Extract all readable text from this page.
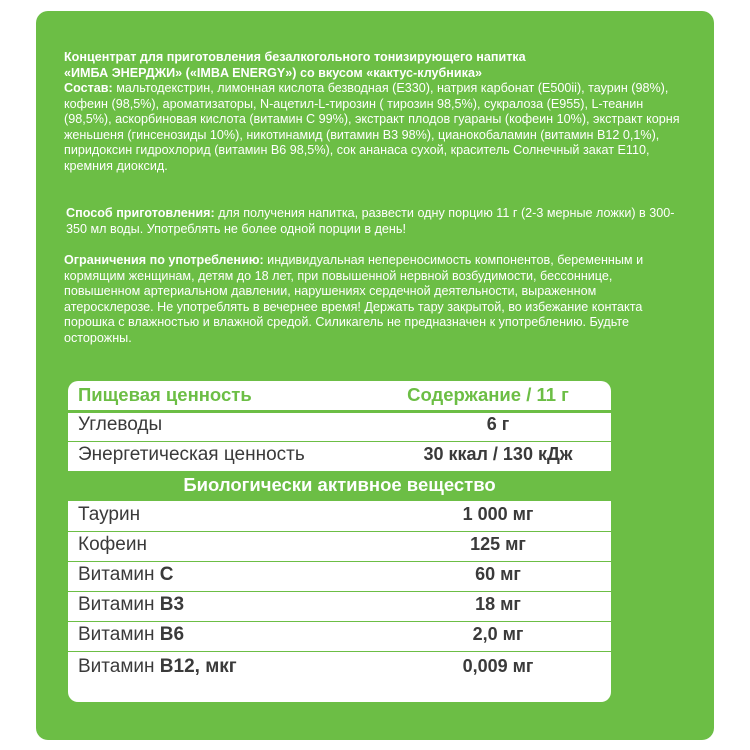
Концентрат для приготовления безалкогольного тонизирующего напитка
«ИМБА ЭНЕРДЖИ» («IMBA ENERGY») со вкусом «кактус-клубника»
Состав: мальтодекстрин, лимонная кислота безводная (Е330), натрия карбонат (Е500ii), таурин (98%), кофеин (98,5%), ароматизаторы, N-ацетил-L-тирозин ( тирозин 98,5%), сукралоза (Е955), L-теанин (98,5%), аскорбиновая кислота (витамин С 99%), экстракт плодов гуараны (кофеин 10%), экстракт корня женьшеня (гинсенозиды 10%), никотинамид (витамин В3 98%), цианокобаламин (витамин В12 0,1%), пиридоксин гидрохлорид (витамин В6 98,5%), сок ананаса сухой, краситель Солнечный закат Е110, кремния диоксид.
Способ приготовления: для получения напитка, развести одну порцию 11 г (2-3 мерные ложки) в 300-350 мл воды. Употреблять не более одной порции в день!
Ограничения по употреблению: индивидуальная непереносимость компонентов, беременным и кормящим женщинам, детям до 18 лет, при повышенной нервной возбудимости, бессоннице, повышенном артериальном давлении, нарушениях сердечной деятельности, выраженном атеросклерозе. Не употреблять в вечернее время! Держать тару закрытой, во избежание контакта порошка с влажностью и влажной средой. Силикагель не предназначен к употреблению. Будьте осторожны.
Пищевая ценность	Содержание / 11 г
Углеводы	6 г
Энергетическая ценность	30 ккал / 130 кДж
Биологически активное вещество
Таурин	1 000 мг
Кофеин	125 мг
Витамин С	60 мг
Витамин В3	18 мг
Витамин В6	2,0 мг
Витамин В12, мкг	0,009 мг
